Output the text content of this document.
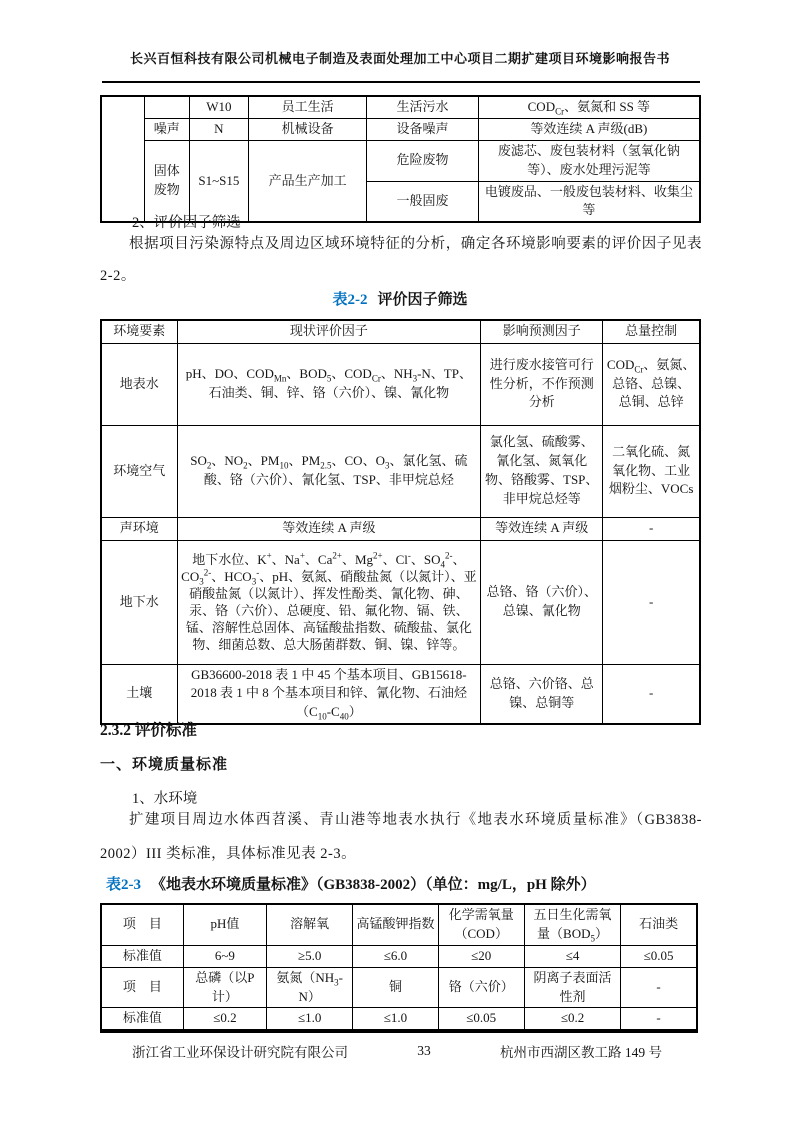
长兴百恒科技有限公司机械电子制造及表面处理加工中心项目二期扩建项目环境影响报告书
		W10	员工生活	生活污水	$COD_{Cr}$、氨氮和 SS 等
	噪声	N	机械设备	设备噪声	等效连续 A 声级(dB)
	固体废物	S1~S15	产品生产加工	危险废物	废滤芯、废包装材料（氢氧化钠等）、废水处理污泥等
				一般固废	电镀废品、一般废包装材料、收集尘等
2、评价因子筛选
根据项目污染源特点及周边区域环境特征的分析，确定各环境影响要素的评价因子见表 2-2。
表2-2 评价因子筛选
环境要素	现状评价因子	影响预测因子	总量控制
地表水	pH、DO、$COD_{Mn}$、$BOD_5$、$COD_{Cr}$、$NH_3-N$、TP、石油类、铜、锌、铬（六价）、镍、氰化物	进行废水接管可行性分析，不作预测分析	$COD_{Cr}$、氨氮、总铬、总镍、总铜、总锌
环境空气	$SO_2$、$NO_2$、$PM_{10}$、$PM_{2.5}$、CO、$O_3$、氯化氢、硫酸、铬（六价）、氰化氢、TSP、非甲烷总烃	氯化氢、硫酸雾、氰化氢、氮氧化物、铬酸雾、TSP、非甲烷总烃等	二氧化硫、氮氧化物、工业烟粉尘、VOCs
声环境	等效连续 A 声级	等效连续 A 声级	-
地下水	地下水位、K+、Na+、$Ca^{2+}$、$Mg^{2+}$、Cl-、$SO_4^{2-}$、$CO_3^{2-}$、$HCO_3^-$、pH、氨氮、硝酸盐氮（以氮计）、亚硝酸盐氮（以氮计）、挥发性酚类、氰化物、砷、汞、铬（六价）、总硬度、铅、氟化物、镉、铁、锰、溶解性总固体、高锰酸盐指数、硫酸盐、氯化物、细菌总数、总大肠菌群数、铜、镍、锌等。	总铬、铬（六价）、总镍、氰化物	-
土壤	GB36600-2018 表 1 中 45 个基本项目、GB15618-2018 表 1 中 8 个基本项目和锌、氰化物、石油烃$(C_{10}-C_{40})$	总铬、六价铬、总镍、总铜等	-
2.3.2 评价标准
一、环境质量标准
1、水环境
扩建项目周边水体西苕溪、青山港等地表水执行《地表水环境质量标准》（GB3838-2002）III 类标准，具体标准见表 2-3。
表2-3 《地表水环境质量标准》（GB3838-2002）（单位：mg/L，pH 除外）
项　目	pH值	溶解氧	高锰酸钾指数	化学需氧量（COD）	五日生化需氧量$(BOD_5)$	石油类
标准值	6~9	≥5.0	≤6.0	≤20	≤4	≤0.05
项　目	总磷（以P计）	氨氮$(NH_3-N)$	铜	铬（六价）	阴离子表面活性剂	-
标准值	≤0.2	≤1.0	≤1.0	≤0.05	≤0.2	-
浙江省工业环保设计研究院有限公司	33	杭州市西湖区教工路 149 号
